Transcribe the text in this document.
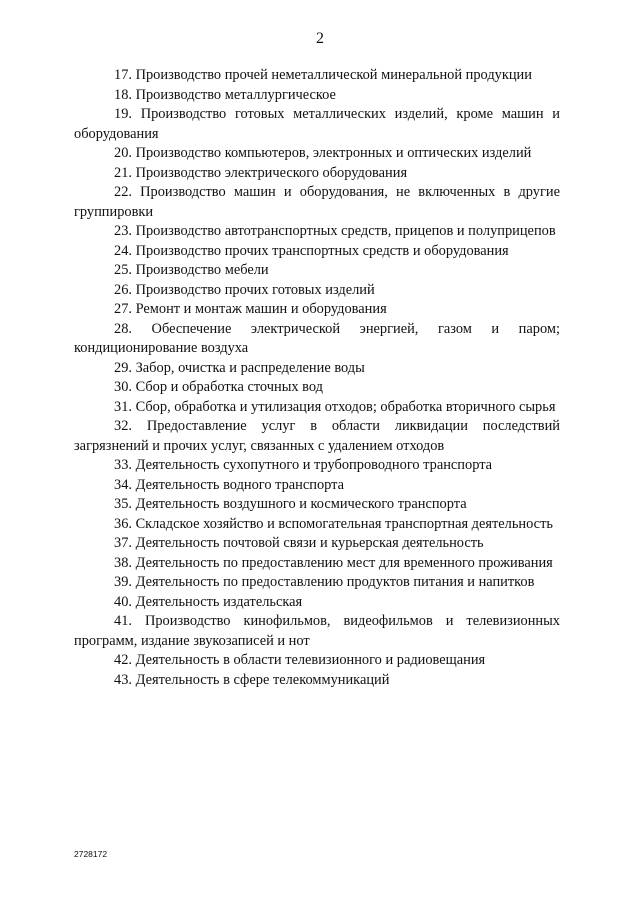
2
17. Производство прочей неметаллической минеральной продукции
18. Производство металлургическое
19. Производство готовых металлических изделий, кроме машин и оборудования
20. Производство компьютеров, электронных и оптических изделий
21. Производство электрического оборудования
22. Производство машин и оборудования, не включенных в другие группировки
23. Производство автотранспортных средств, прицепов и полуприцепов
24. Производство прочих транспортных средств и оборудования
25. Производство мебели
26. Производство прочих готовых изделий
27. Ремонт и монтаж машин и оборудования
28. Обеспечение электрической энергией, газом и паром; кондиционирование воздуха
29. Забор, очистка и распределение воды
30. Сбор и обработка сточных вод
31. Сбор, обработка и утилизация отходов; обработка вторичного сырья
32. Предоставление услуг в области ликвидации последствий загрязнений и прочих услуг, связанных с удалением отходов
33. Деятельность сухопутного и трубопроводного транспорта
34. Деятельность водного транспорта
35. Деятельность воздушного и космического транспорта
36. Складское хозяйство и вспомогательная транспортная деятельность
37. Деятельность почтовой связи и курьерская деятельность
38. Деятельность по предоставлению мест для временного проживания
39. Деятельность по предоставлению продуктов питания и напитков
40. Деятельность издательская
41. Производство кинофильмов, видеофильмов и телевизионных программ, издание звукозаписей и нот
42. Деятельность в области телевизионного и радиовещания
43. Деятельность в сфере телекоммуникаций
2728172
